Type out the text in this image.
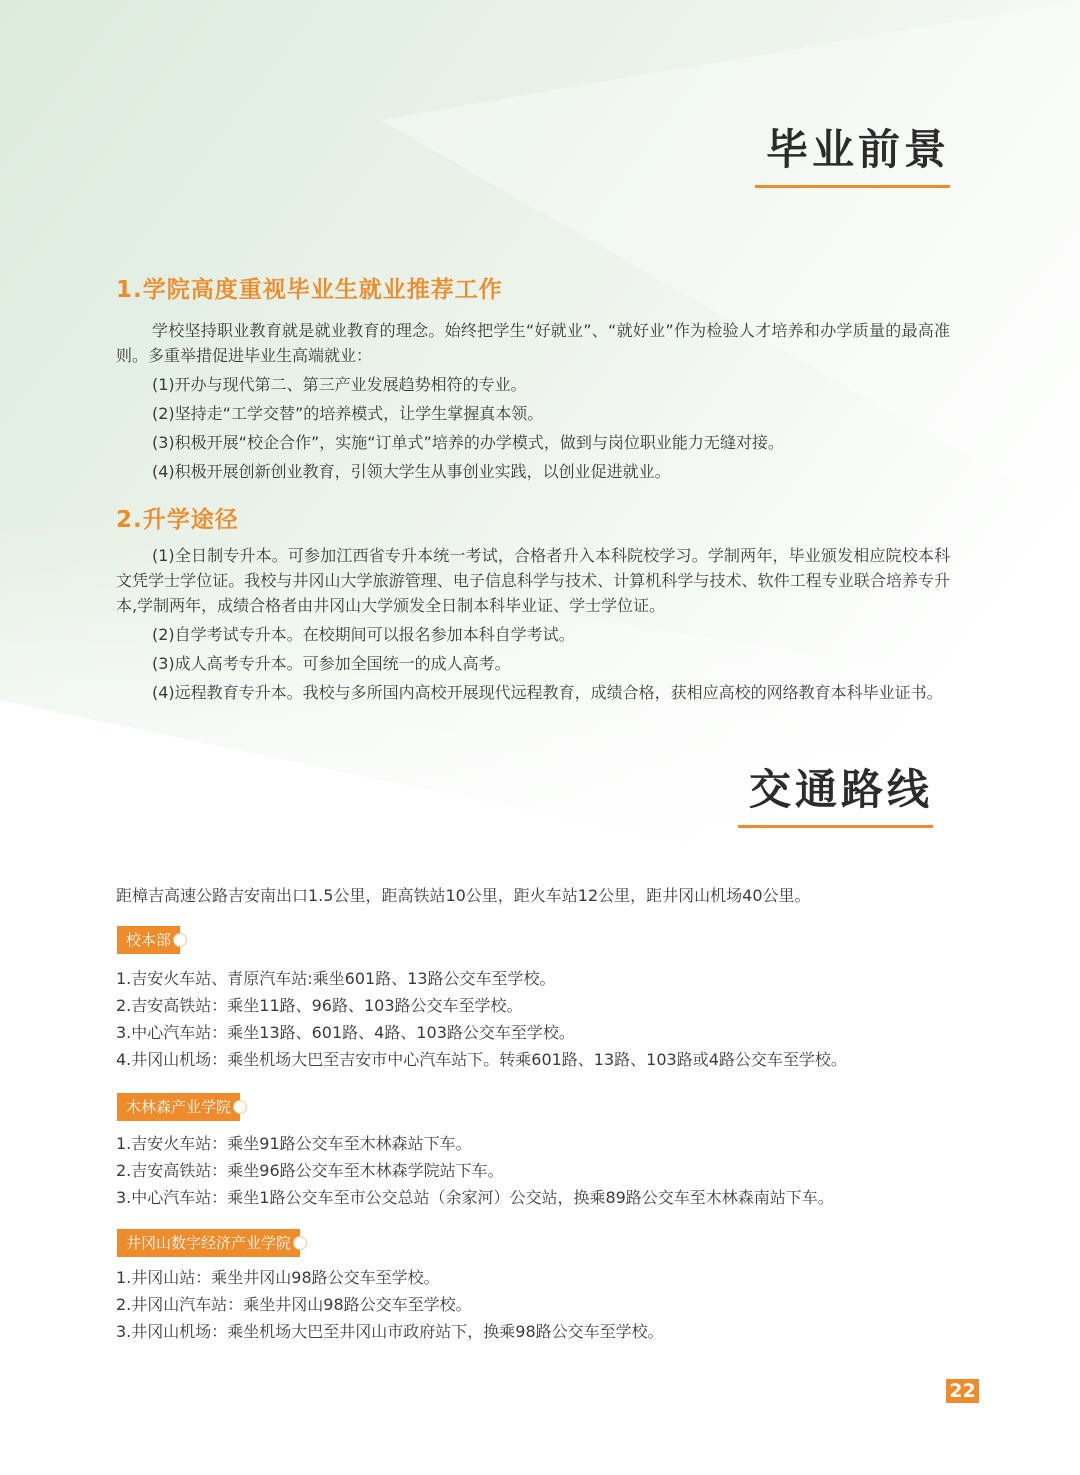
毕业前景
1.学院高度重视毕业生就业推荐工作

学校坚持职业教育就是就业教育的理念。始终把学生“好就业”、“就好业”作为检验人才培养和办学质量的最高准则。多重举措促进毕业生高端就业：

(1)开办与现代第二、第三产业发展趋势相符的专业。

(2)坚持走“工学交替”的培养模式，让学生掌握真本领。

(3)积极开展“校企合作”，实施“订单式”培养的办学模式，做到与岗位职业能力无缝对接。

(4)积极开展创新创业教育，引领大学生从事创业实践，以创业促进就业。

2.升学途径

(1)全日制专升本。可参加江西省专升本统一考试，合格者升入本科院校学习。学制两年，毕业颁发相应院校本科文凭学士学位证。我校与井冈山大学旅游管理、电子信息科学与技术、计算机科学与技术、软件工程专业联合培养专升本,学制两年，成绩合格者由井冈山大学颁发全日制本科毕业证、学士学位证。

(2)自学考试专升本。在校期间可以报名参加本科自学考试。

(3)成人高考专升本。可参加全国统一的成人高考。

(4)远程教育专升本。我校与多所国内高校开展现代远程教育，成绩合格，获相应高校的网络教育本科毕业证书。

交通路线
距樟吉高速公路吉安南出口1.5公里，距高铁站10公里，距火车站12公里，距井冈山机场40公里。
校本部
1.吉安火车站、青原汽车站:乘坐601路、13路公交车至学校。
2.吉安高铁站：乘坐11路、96路、103路公交车至学校。
3.中心汽车站：乘坐13路、601路、4路、103路公交车至学校。
4.井冈山机场：乘坐机场大巴至吉安市中心汽车站下。转乘601路、13路、103路或4路公交车至学校。
木林森产业学院
1.吉安火车站：乘坐91路公交车至木林森站下车。
2.吉安高铁站：乘坐96路公交车至木林森学院站下车。
3.中心汽车站：乘坐1路公交车至市公交总站（余家河）公交站，换乘89路公交车至木林森南站下车。
井冈山数字经济产业学院
1.井冈山站：乘坐井冈山98路公交车至学校。
2.井冈山汽车站：乘坐井冈山98路公交车至学校。
3.井冈山机场：乘坐机场大巴至井冈山市政府站下，换乘98路公交车至学校。
22
